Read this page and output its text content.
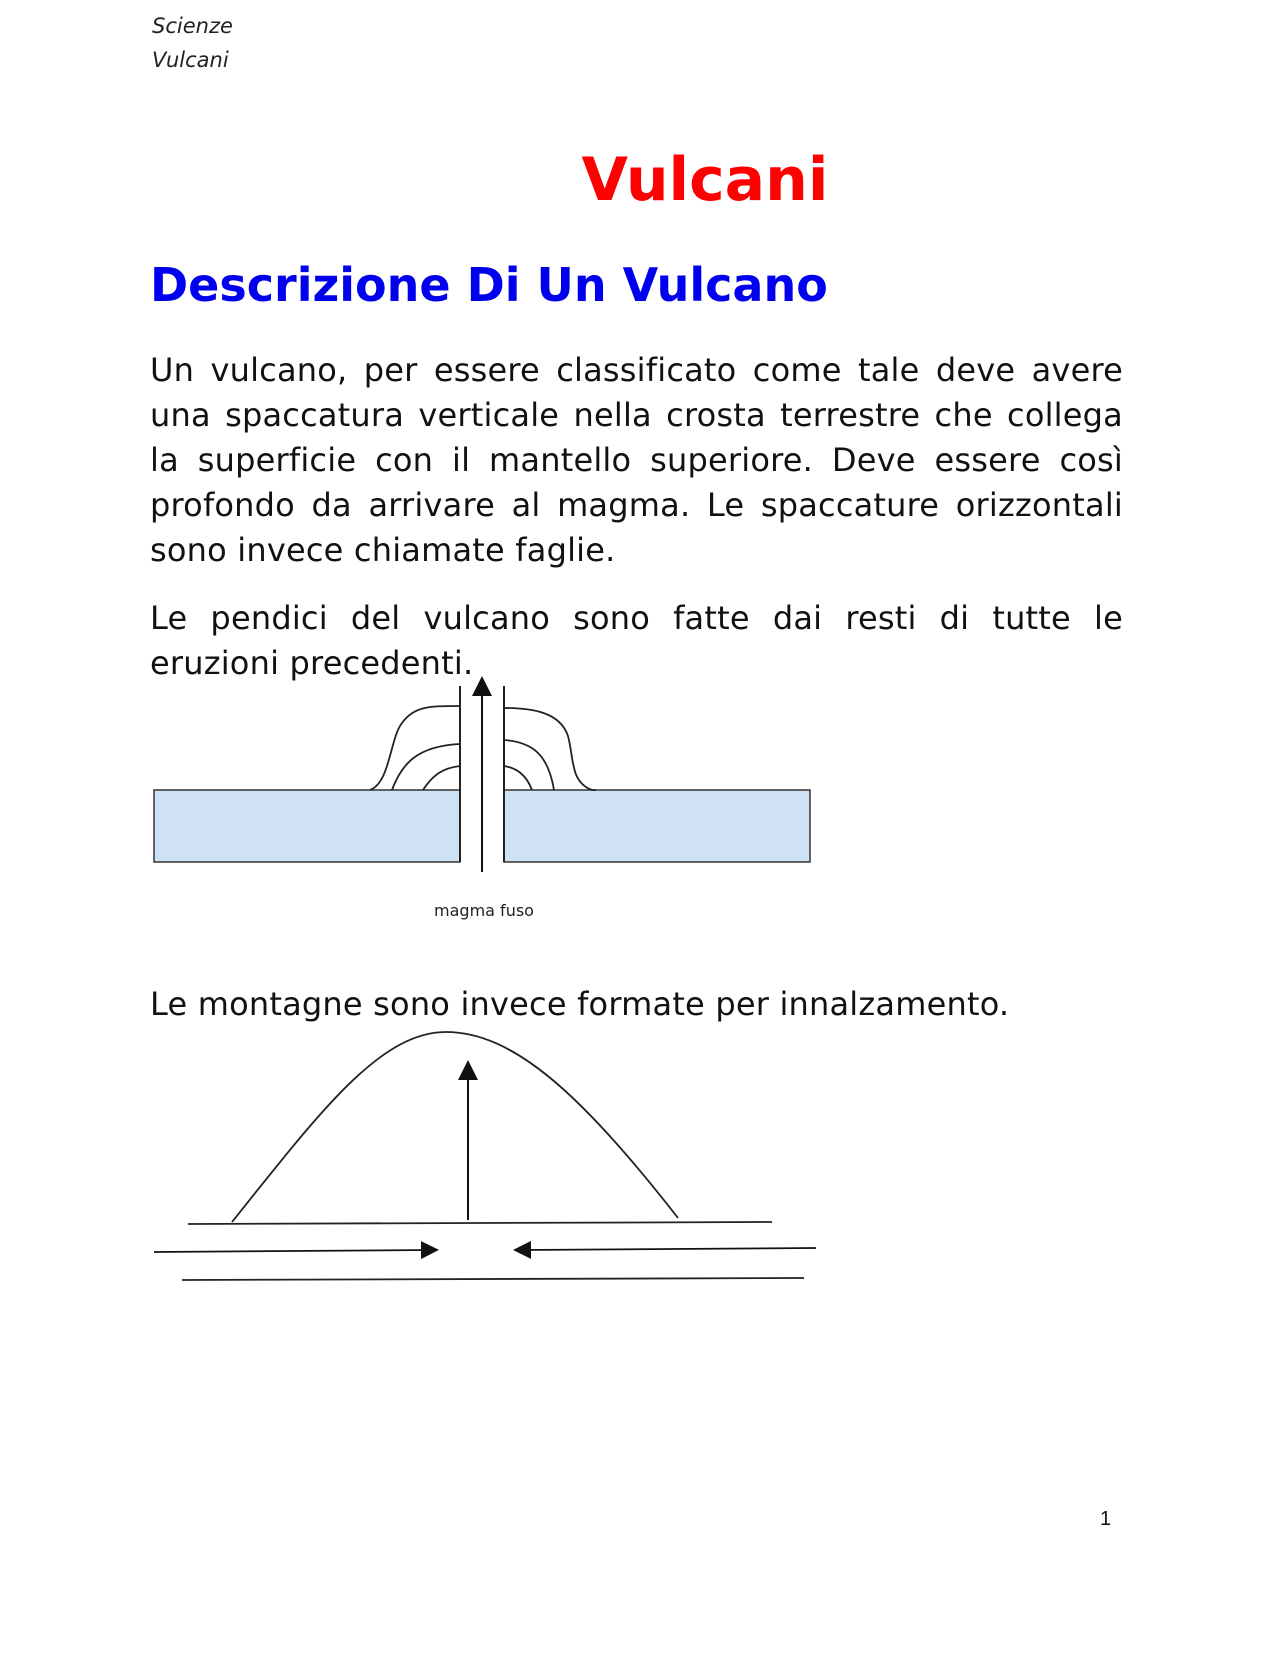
Scienze

Vulcani

Vulcani
Descrizione Di Un Vulcano

Un vulcano, per essere classificato come tale deve avere una spaccatura verticale nella crosta terrestre che collega la superficie con il mantello superiore. Deve essere così profondo da arrivare al magma. Le spaccature orizzontali sono invece chiamate faglie.

Le pendici del vulcano sono fatte dai resti di tutte le eruzioni precedenti.

magma fuso

Le montagne sono invece formate per innalzamento.

1
